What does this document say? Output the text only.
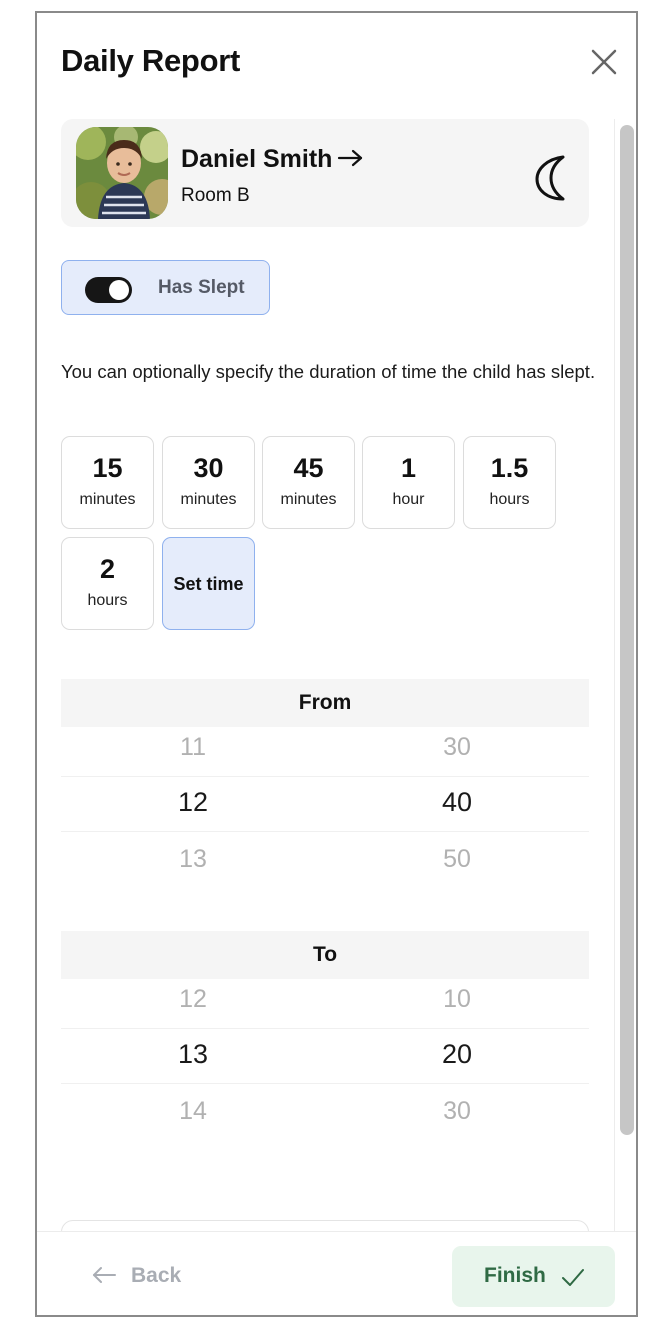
Daily Report
Daniel Smith
Room B
Has Slept
You can optionally specify the duration of time the child has slept.
15
minutes
30
minutes
45
minutes
1
hour
1.5
hours
2
hours
Set time
From
11
12
13
30
40
50
To
12
13
14
10
20
30
Back	Finish
